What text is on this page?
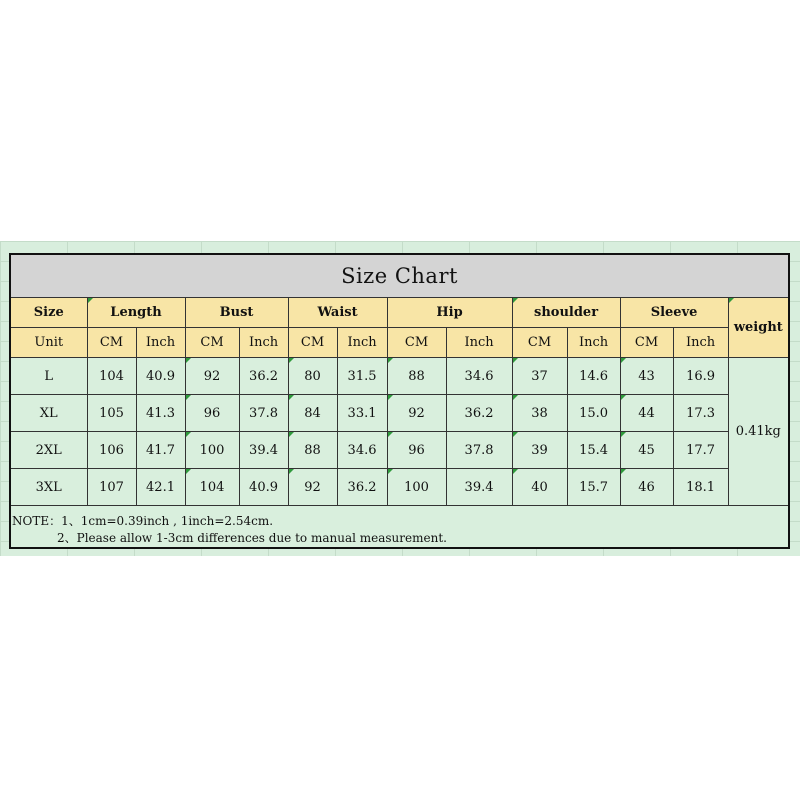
Size Chart
Size	Length		Bust		Waist		Hip		shoulder		Sleeve		weight
Unit	CM	Inch	CM	Inch	CM	Inch	CM	Inch	CM	Inch	CM	Inch	
L	104	40.9	92	36.2	80	31.5	88	34.6	37	14.6	43	16.9	0.41kg
XL	105	41.3	96	37.8	84	33.1	92	36.2	38	15.0	44	17.3	
2XL	106	41.7	100	39.4	88	34.6	96	37.8	39	15.4	45	17.7	
3XL	107	42.1	104	40.9	92	36.2	100	39.4	40	15.7	46	18.1	
NOTE：1、1cm=0.39inch , 1inch=2.54cm.
2、Please allow 1-3cm differences due to manual measurement.
